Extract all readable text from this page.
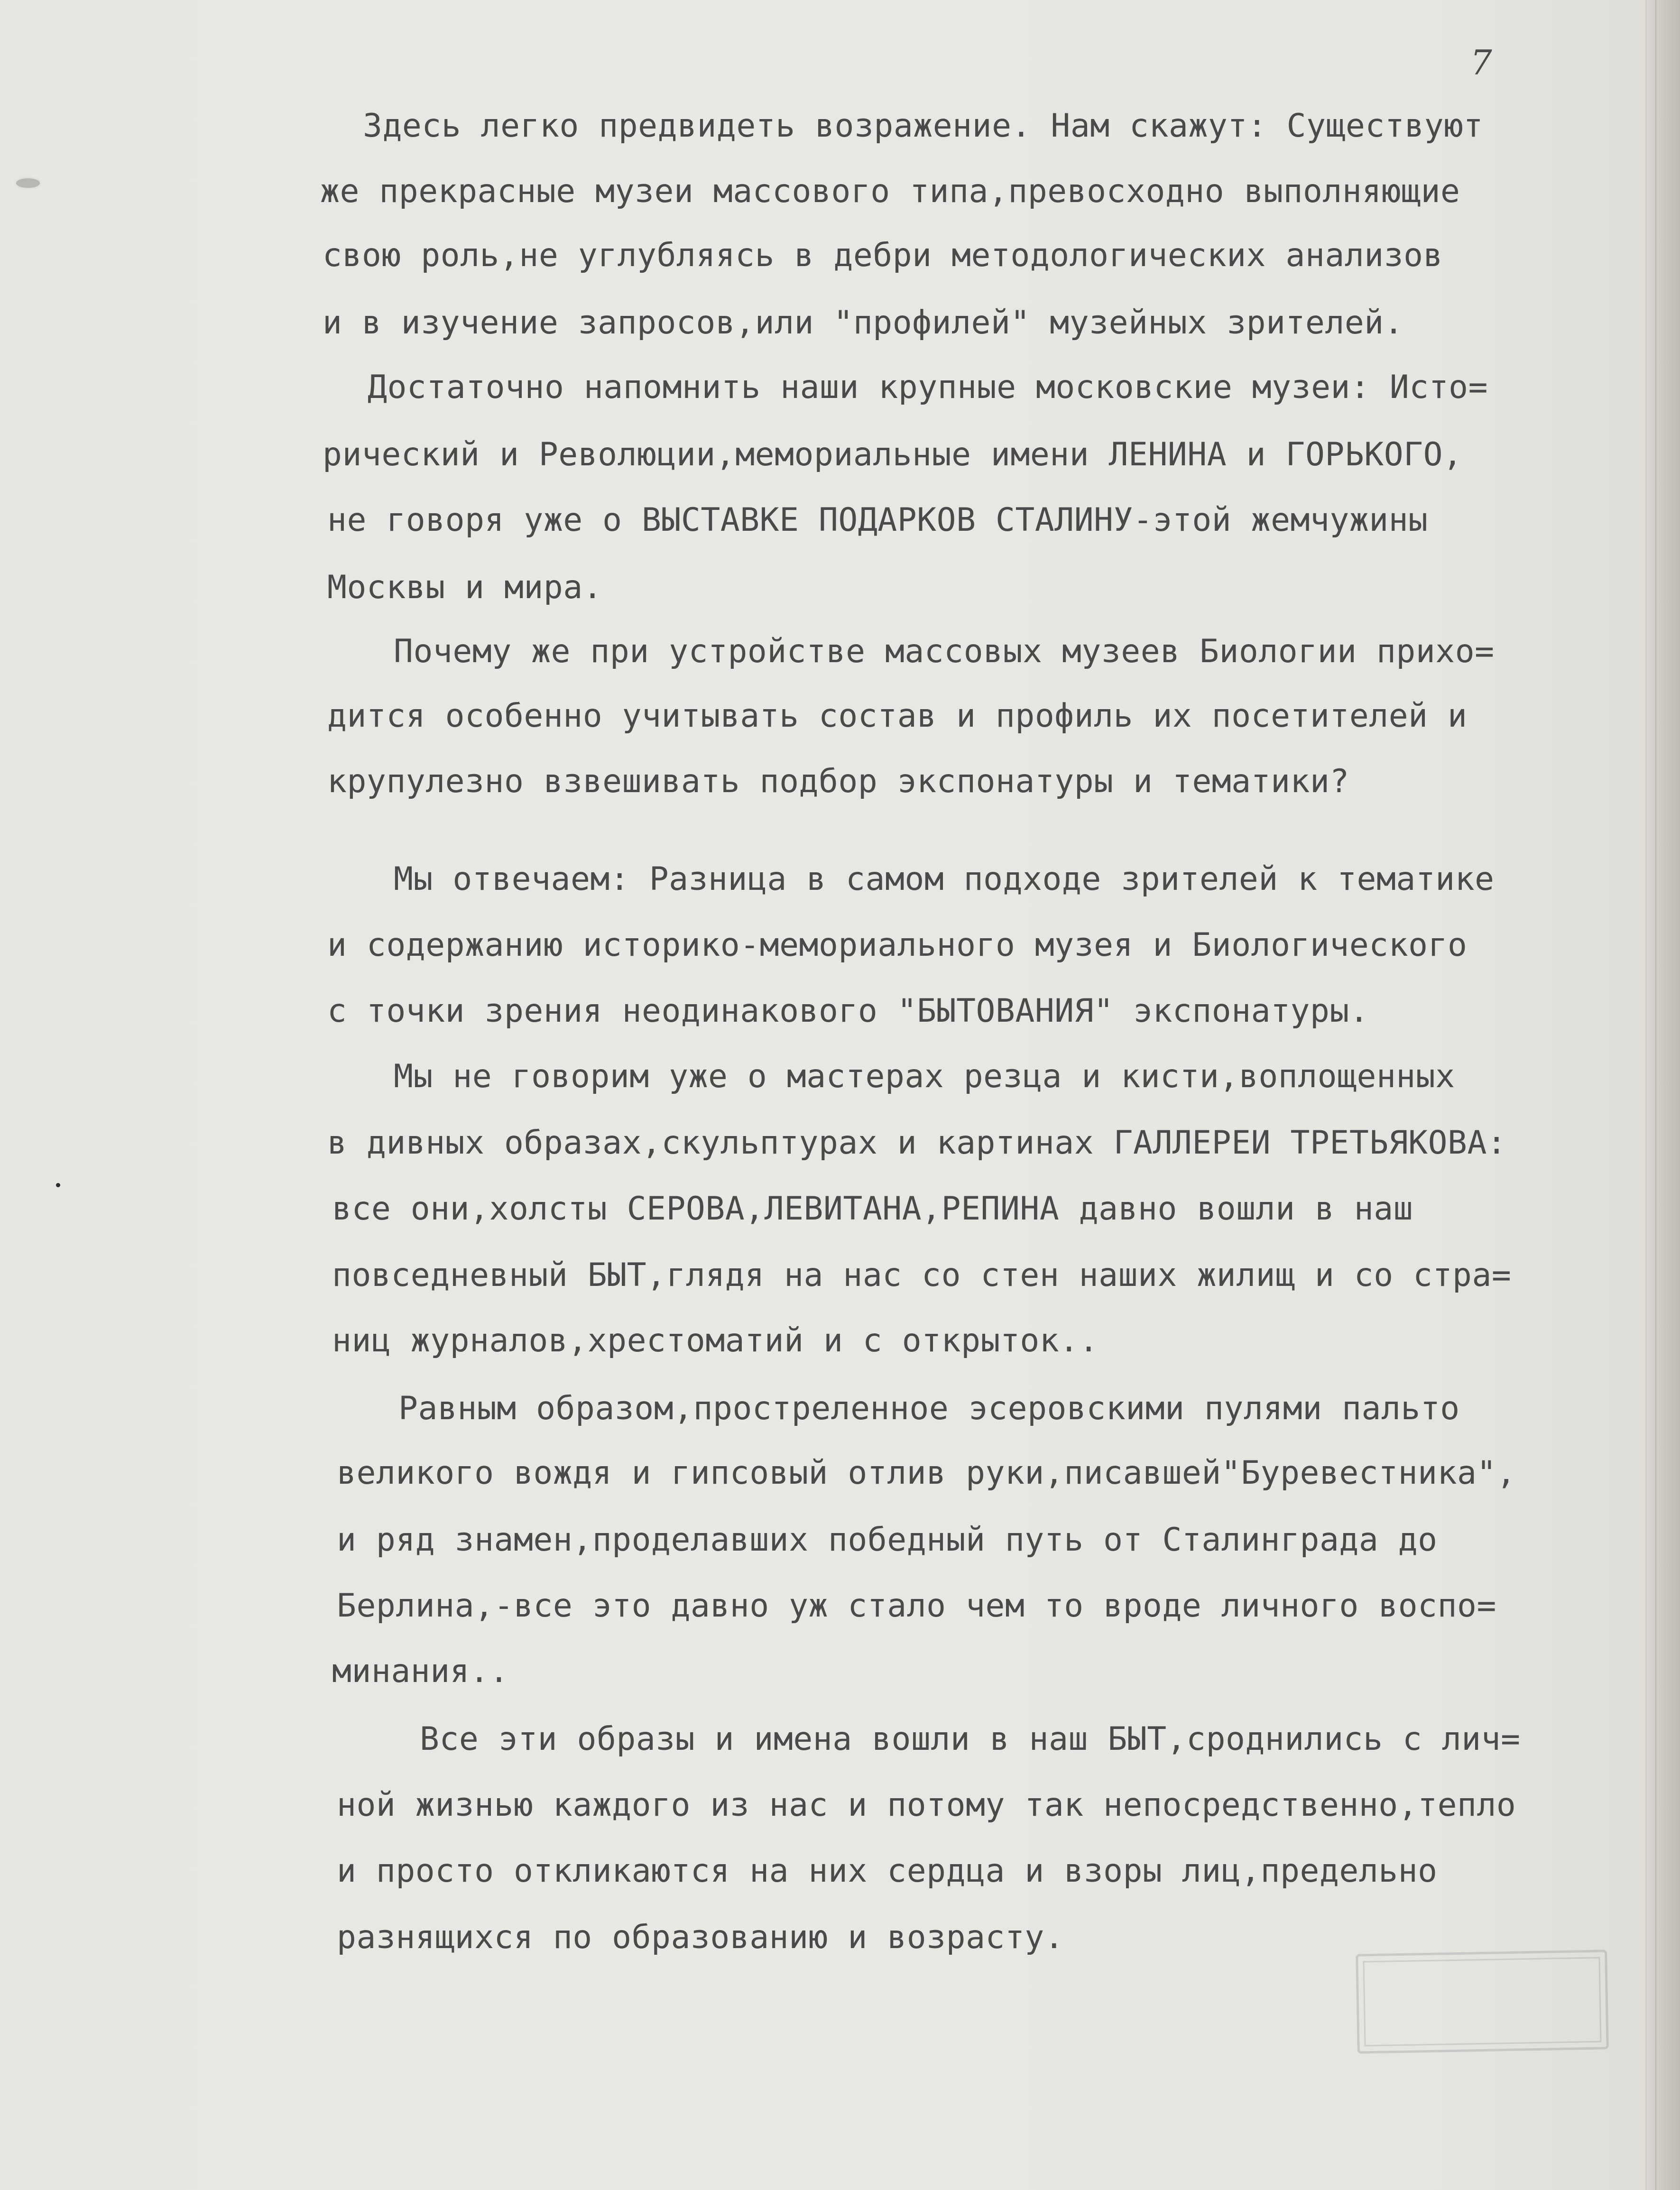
7

Здесь легко предвидеть возражение. Нам скажут: Существуют

же прекрасные музеи массового типа,превосходно выполняющие

свою роль,не углубляясь в дебри методологических анализов

и в изучение запросов,или "профилей" музейных зрителей.

Достаточно напомнить наши крупные московские музеи: Исто=

рический и Революции,мемориальные имени ЛЕНИНА и ГОРЬКОГО,

не говоря уже о ВЫСТАВКЕ ПОДАРКОВ СТАЛИНУ-этой жемчужины

Москвы и мира.

Почему же при устройстве массовых музеев Биологии прихо=

дится особенно учитывать состав и профиль их посетителей и

крупулезно взвешивать подбор экспонатуры и тематики?

Мы отвечаем: Разница в самом подходе зрителей к тематике

и содержанию историко-мемориального музея и Биологического

с точки зрения неодинакового "БЫТОВАНИЯ" экспонатуры.

Мы не говорим уже о мастерах резца и кисти,воплощенных

в дивных образах,скульптурах и картинах ГАЛЛЕРЕИ ТРЕТЬЯКОВА:

все они,холсты СЕРОВА,ЛЕВИТАНА,РЕПИНА давно вошли в наш

повседневный БЫТ,глядя на нас со стен наших жилищ и со стра=

ниц журналов,хрестоматий и с открыток..

Равным образом,простреленное эсеровскими пулями пальто

великого вождя и гипсовый отлив руки,писавшей"Буревестника",

и ряд знамен,проделавших победный путь от Сталинграда до

Берлина,-все это давно уж стало чем то вроде личного воспо=

минания..

Все эти образы и имена вошли в наш БЫТ,сроднились с лич=

ной жизнью каждого из нас и потому так непосредственно,тепло

и просто откликаются на них сердца и взоры лиц,предельно

разнящихся по образованию и возрасту.
